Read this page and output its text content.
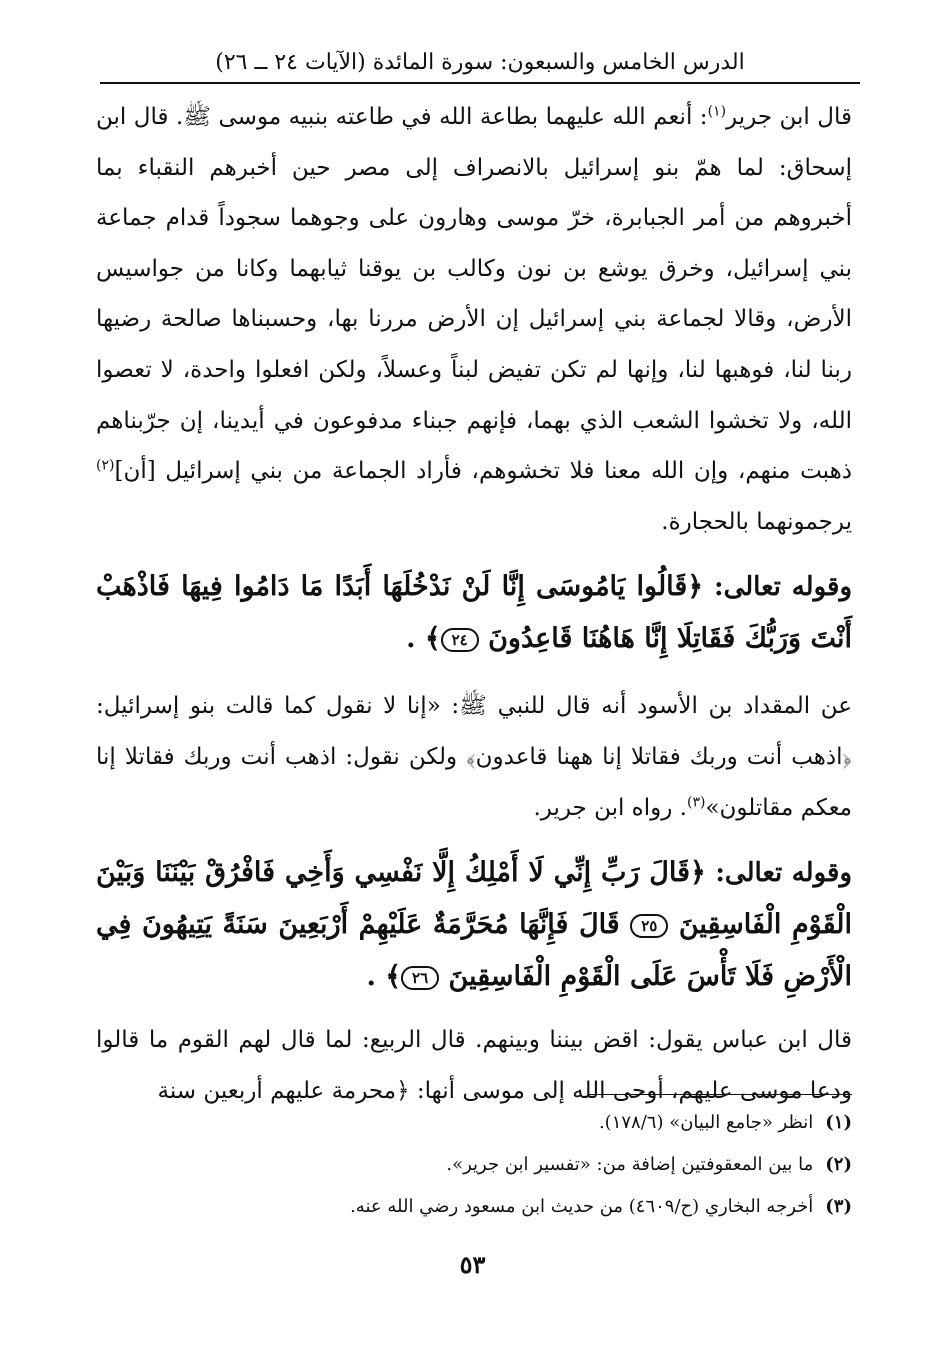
الدرس الخامس والسبعون: سورة المائدة (الآيات ٢٤ ــ ٢٦)

قال ابن جرير$^{(١)}$: أنعم الله عليهما بطاعة الله في طاعته بنبيه موسى ﷺ. قال ابن إسحاق: لما همّ بنو إسرائيل بالانصراف إلى مصر حين أخبرهم النقباء بما أخبروهم من أمر الجبابرة، خرّ موسى وهارون على وجوهما سجوداً قدام جماعة بني إسرائيل، وخرق يوشع بن نون وكالب بن يوقنا ثيابهما وكانا من جواسيس الأرض، وقالا لجماعة بني إسرائيل إن الأرض مررنا بها، وحسبناها صالحة رضيها ربنا لنا، فوهبها لنا، وإنها لم تكن تفيض لبناً وعسلاً، ولكن افعلوا واحدة، لا تعصوا الله، ولا تخشوا الشعب الذي بهما، فإنهم جبناء مدفوعون في أيدينا، إن جرّبناهم ذهبت منهم، وإن الله معنا فلا تخشوهم، فأراد الجماعة من بني إسرائيل [أن]$^{(٢)}$ يرجمونهما بالحجارة.

وقوله تعالى: ﴿قَالُوا يَامُوسَى إِنَّا لَنْ نَدْخُلَهَا أَبَدًا مَا دَامُوا فِيهَا فَاذْهَبْ أَنْتَ وَرَبُّكَ فَقَاتِلَا إِنَّا هَاهُنَا قَاعِدُونَ ٢٤﴾ .

عن المقداد بن الأسود أنه قال للنبي ﷺ: «إنا لا نقول كما قالت بنو إسرائيل: ﴿اذهب أنت وربك فقاتلا إنا ههنا قاعدون﴾ ولكن نقول: اذهب أنت وربك فقاتلا إنا معكم مقاتلون»$^{(٣)}$. رواه ابن جرير.

وقوله تعالى: ﴿قَالَ رَبِّ إِنِّي لَا أَمْلِكُ إِلَّا نَفْسِي وَأَخِي فَافْرُقْ بَيْنَنَا وَبَيْنَ الْقَوْمِ الْفَاسِقِينَ ٢٥ قَالَ فَإِنَّهَا مُحَرَّمَةٌ عَلَيْهِمْ أَرْبَعِينَ سَنَةً يَتِيهُونَ فِي الْأَرْضِ فَلَا تَأْسَ عَلَى الْقَوْمِ الْفَاسِقِينَ ٢٦﴾ .

قال ابن عباس يقول: اقض بيننا وبينهم. قال الربيع: لما قال لهم القوم ما قالوا ودعا موسى عليهم، أوحى الله إلى موسى أنها: ﴿محرمة عليهم أربعين سنة

(١)انظر «جامع البيان» (١٧٨/٦).

(٢)ما بين المعقوفتين إضافة من: «تفسير ابن جرير».

(٣)أخرجه البخاري (ح/٤٦٠٩) من حديث ابن مسعود رضي الله عنه.

٥٣
